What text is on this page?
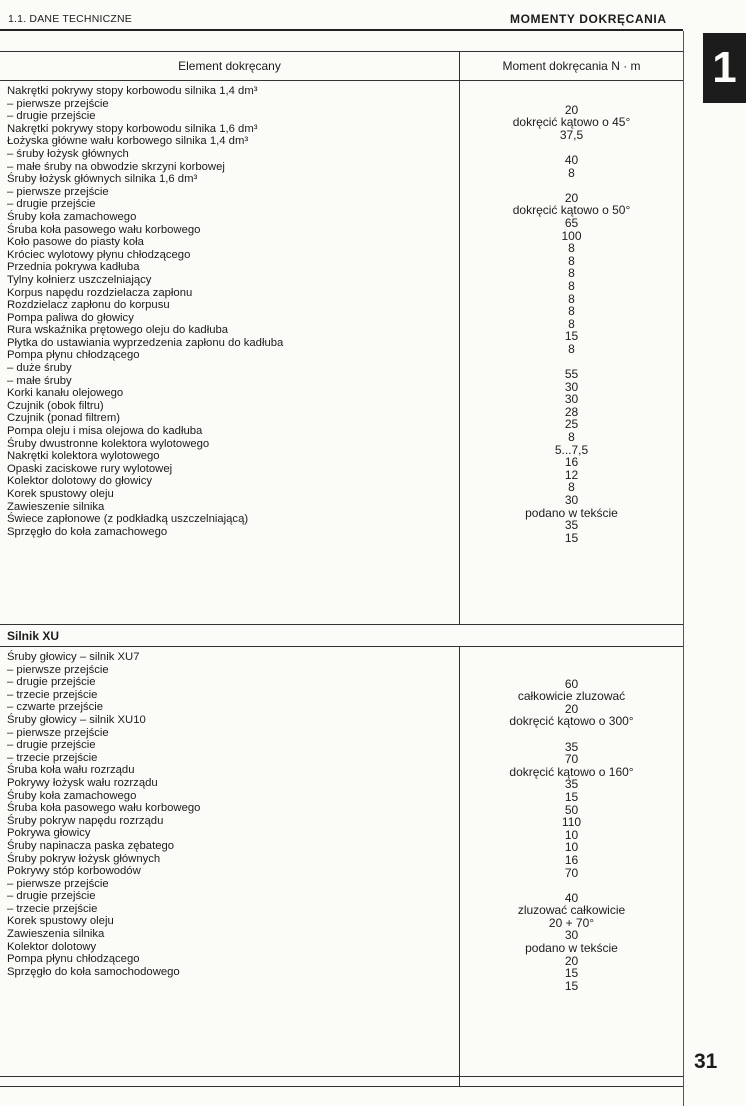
1.1. DANE TECHNICZNE	MOMENTY DOKRĘCANIA
1
Element dokręcany	Moment dokręcania N · m
Nakrętki pokrywy stopy korbowodu silnika 1,4 dm³
– pierwsze przejście
– drugie przejście
Nakrętki pokrywy stopy korbowodu silnika 1,6 dm³
Łożyska główne wału korbowego silnika 1,4 dm³
– śruby łożysk głównych
– małe śruby na obwodzie skrzyni korbowej
Śruby łożysk głównych silnika 1,6 dm³
– pierwsze przejście
– drugie przejście
Śruby koła zamachowego
Śruba koła pasowego wału korbowego
Koło pasowe do piasty koła
Króciec wylotowy płynu chłodzącego
Przednia pokrywa kadłuba
Tylny kołnierz uszczelniający
Korpus napędu rozdzielacza zapłonu
Rozdzielacz zapłonu do korpusu
Pompa paliwa do głowicy
Rura wskaźnika prętowego oleju do kadłuba
Płytka do ustawiania wyprzedzenia zapłonu do kadłuba
Pompa płynu chłodzącego
– duże śruby
– małe śruby
Korki kanału olejowego
Czujnik (obok filtru)
Czujnik (ponad filtrem)
Pompa oleju i misa olejowa do kadłuba
Śruby dwustronne kolektora wylotowego
Nakrętki kolektora wylotowego
Opaski zaciskowe rury wylotowej
Kolektor dolotowy do głowicy
Korek spustowy oleju
Zawieszenie silnika
Świece zapłonowe (z podkładką uszczelniającą)
Sprzęgło do koła zamachowego
20
dokręcić kątowo o 45°
37,5
40
8
20
dokręcić kątowo o 50°
65
100
8
8
8
8
8
8
8
15
8
55
30
30
28
25
8
5...7,5
16
12
8
30
podano w tekście
35
15
Silnik XU
Śruby głowicy – silnik XU7
– pierwsze przejście
– drugie przejście
– trzecie przejście
– czwarte przejście
Śruby głowicy – silnik XU10
– pierwsze przejście
– drugie przejście
– trzecie przejście
Śruba koła wału rozrządu
Pokrywy łożysk wału rozrządu
Śruby koła zamachowego
Śruba koła pasowego wału korbowego
Śruby pokryw napędu rozrządu
Pokrywa głowicy
Śruby napinacza paska zębatego
Śruby pokryw łożysk głównych
Pokrywy stóp korbowodów
– pierwsze przejście
– drugie przejście
– trzecie przejście
Korek spustowy oleju
Zawieszenia silnika
Kolektor dolotowy
Pompa płynu chłodzącego
Sprzęgło do koła samochodowego
60
całkowicie zluzować
20
dokręcić kątowo o 300°
35
70
dokręcić kątowo o 160°
35
15
50
110
10
10
16
70
40
zluzować całkowicie
20 + 70°
30
podano w tekście
20
15
15
31
